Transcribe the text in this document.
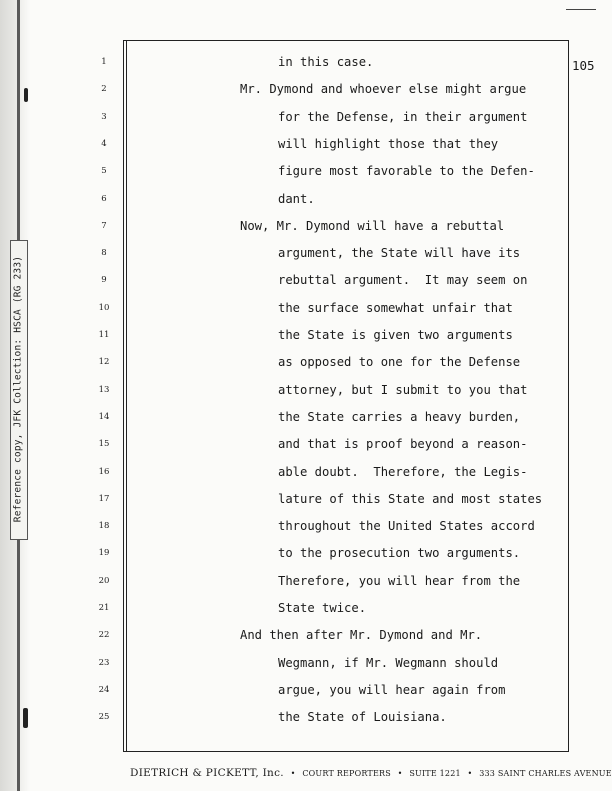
Reference copy, JFK Collection: HSCA (RG 233)
105
1	in this case.
2	Mr. Dymond and whoever else might argue
3	for the Defense, in their argument
4	will highlight those that they
5	figure most favorable to the Defen-
6	dant.
7	Now, Mr. Dymond will have a rebuttal
8	argument, the State will have its
9	rebuttal argument.  It may seem on
10	the surface somewhat unfair that
11	the State is given two arguments
12	as opposed to one for the Defense
13	attorney, but I submit to you that
14	the State carries a heavy burden,
15	and that is proof beyond a reason-
16	able doubt.  Therefore, the Legis-
17	lature of this State and most states
18	throughout the United States accord
19	to the prosecution two arguments.
20	Therefore, you will hear from the
21	State twice.
22	And then after Mr. Dymond and Mr.
23	Wegmann, if Mr. Wegmann should
24	argue, you will hear again from
25	the State of Louisiana.
DIETRICH & PICKETT, Inc. • COURT REPORTERS • SUITE 1221 • 333 SAINT CHARLES AVENUE
